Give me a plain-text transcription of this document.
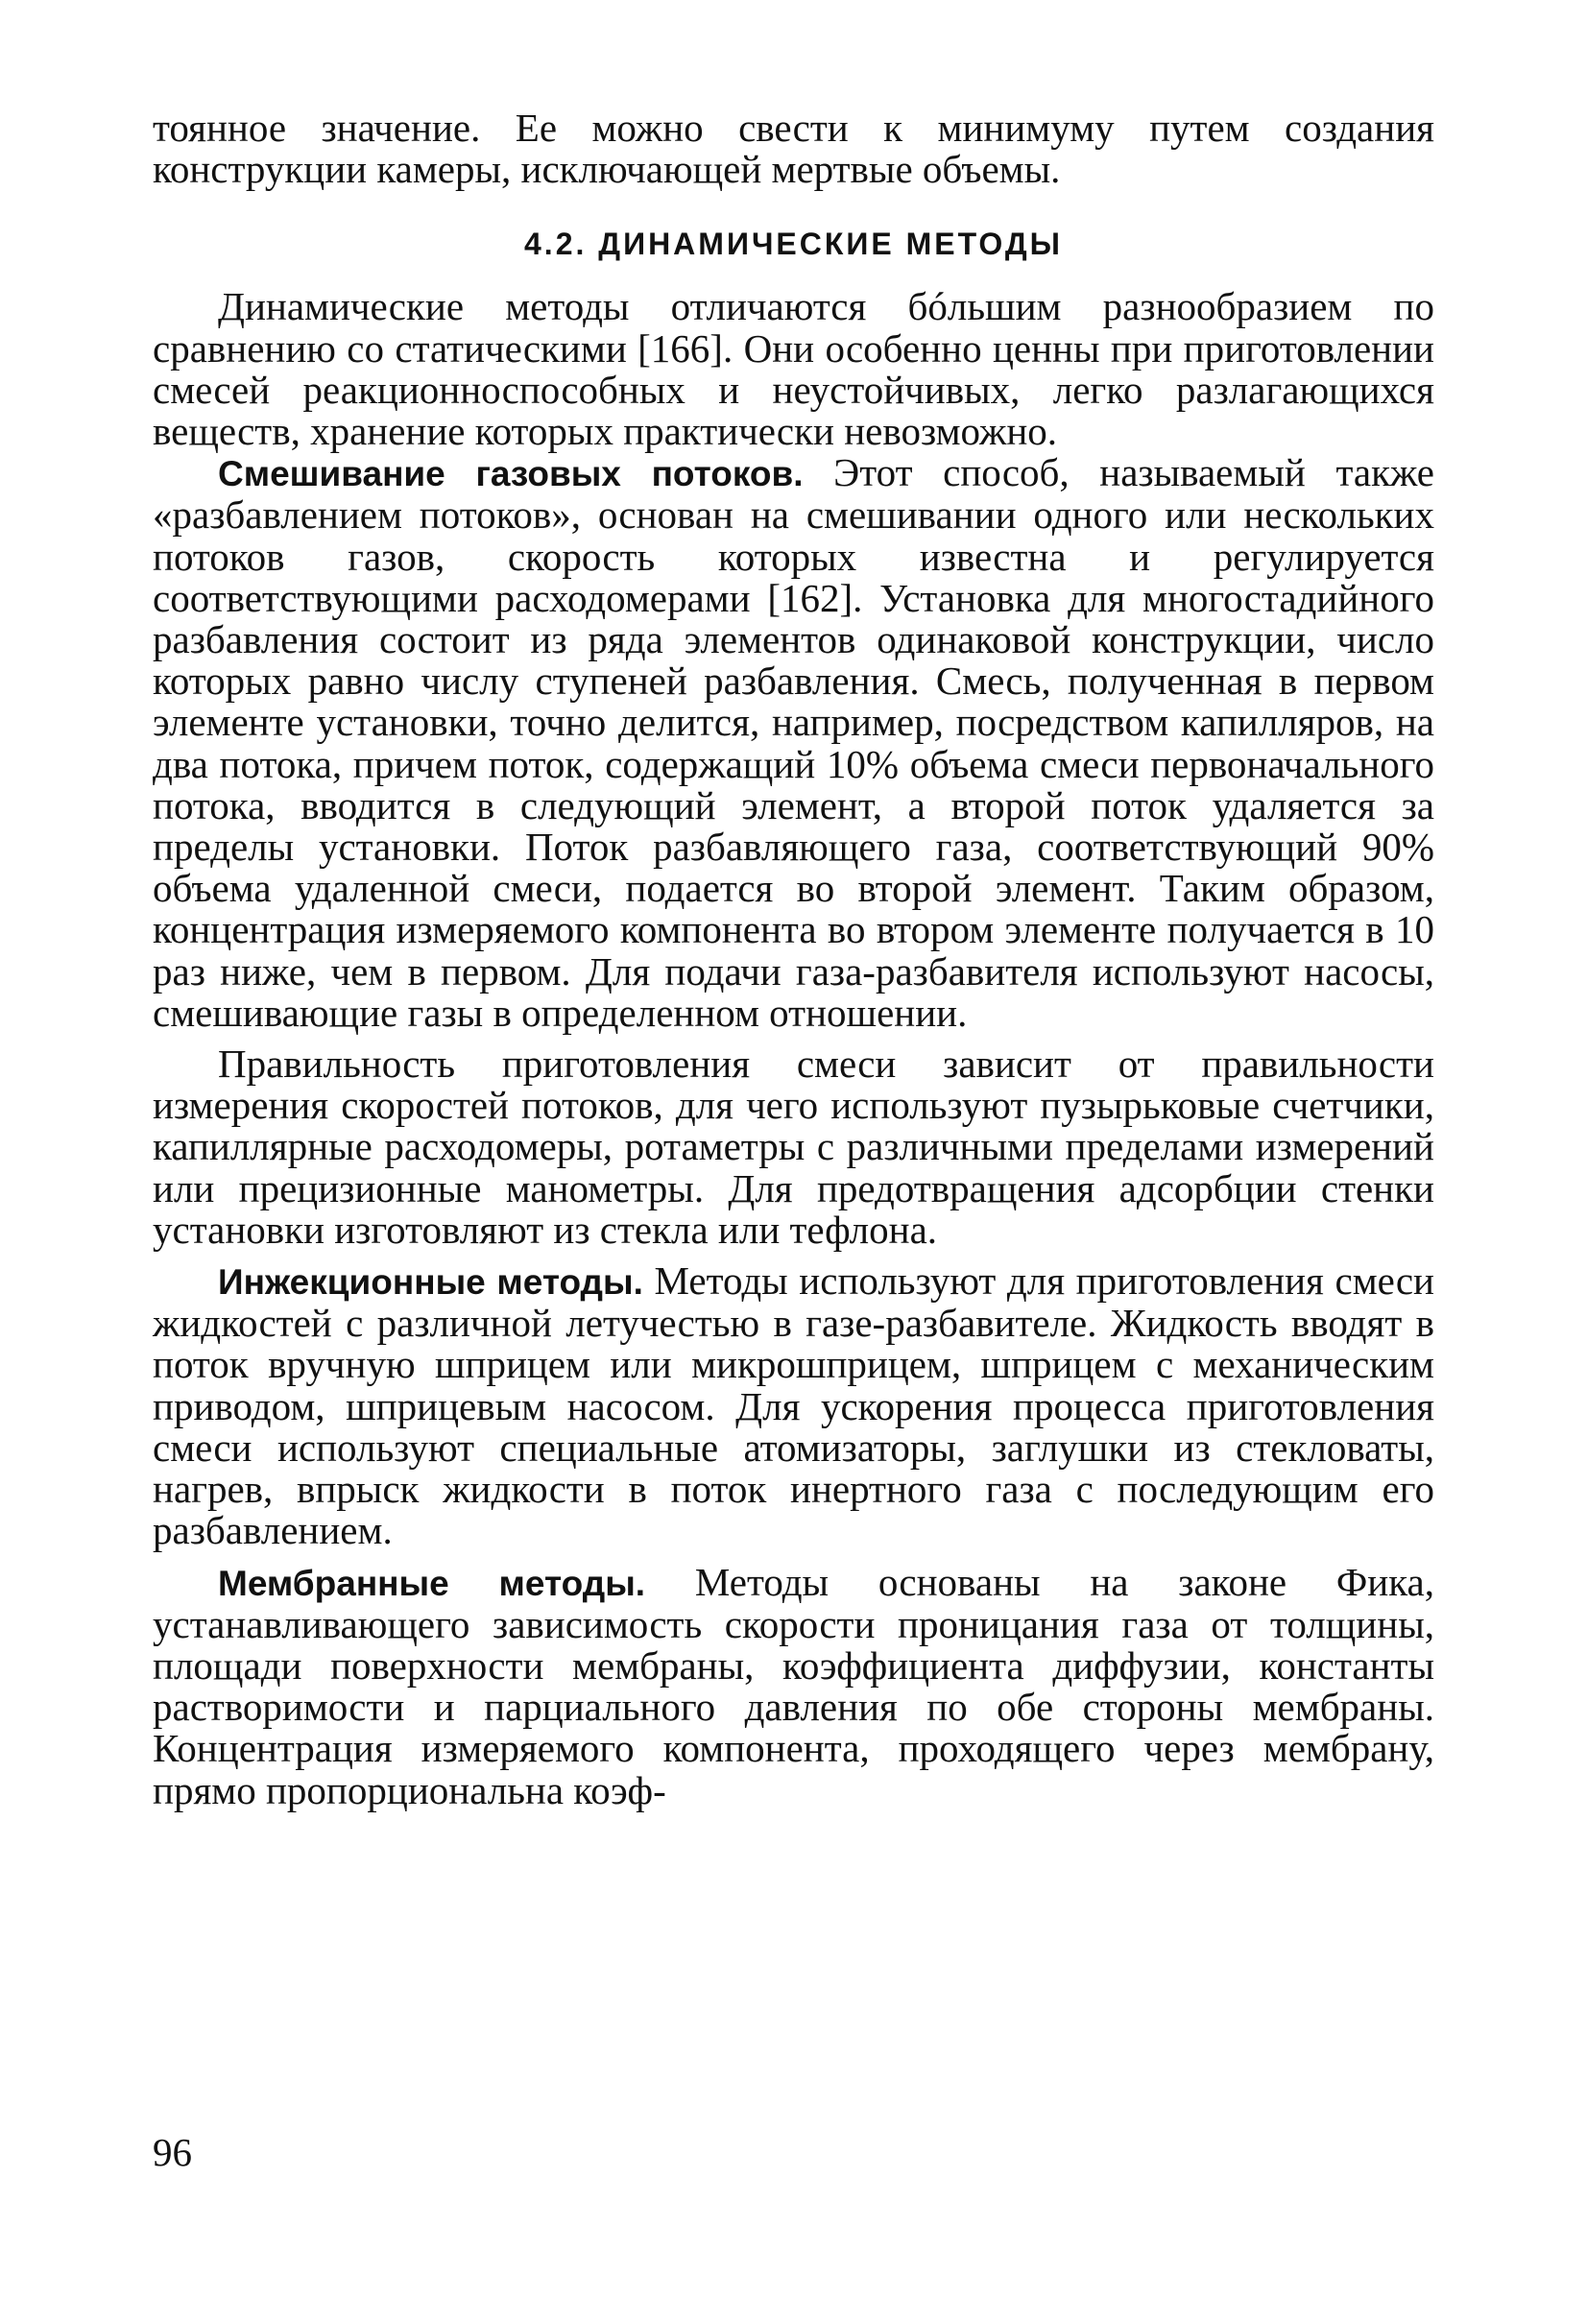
тоянное значение. Ее можно свести к минимуму путем создания конструкции камеры, исключающей мертвые объемы.

4.2. ДИНАМИЧЕСКИЕ МЕТОДЫ

Динамические методы отличаются бóльшим разнообразием по сравнению со статическими [166]. Они особенно ценны при приготовлении смесей реакционноспособных и неустойчивых, легко разлагающихся веществ, хранение которых практически невозможно.

Смешивание газовых потоков. Этот способ, называемый также «разбавлением потоков», основан на смешивании одного или нескольких потоков газов, скорость которых известна и регулируется соответствующими расходомерами [162]. Установка для многостадийного разбавления состоит из ряда элементов одинаковой конструкции, число которых равно числу ступеней разбавления. Смесь, полученная в первом элементе установки, точно делится, например, посредством капилляров, на два потока, причем поток, содержащий 10% объема смеси первоначального потока, вводится в следующий элемент, а второй поток удаляется за пределы установки. Поток разбавляющего газа, соответствующий 90% объема удаленной смеси, подается во второй элемент. Таким образом, концентрация измеряемого компонента во втором элементе получается в 10 раз ниже, чем в первом. Для подачи газа-разбавителя используют насосы, смешивающие газы в определенном отношении.

Правильность приготовления смеси зависит от правильности измерения скоростей потоков, для чего используют пузырьковые счетчики, капиллярные расходомеры, ротаметры с различными пределами измерений или прецизионные манометры. Для предотвращения адсорбции стенки установки изготовляют из стекла или тефлона.

Инжекционные методы. Методы используют для приготовления смеси жидкостей с различной летучестью в газе-разбавителе. Жидкость вводят в поток вручную шприцем или микрошприцем, шприцем с механическим приводом, шприцевым насосом. Для ускорения процесса приготовления смеси используют специальные атомизаторы, заглушки из стекловаты, нагрев, впрыск жидкости в поток инертного газа с последующим его разбавлением.

Мембранные методы. Методы основаны на законе Фика, устанавливающего зависимость скорости проницания газа от толщины, площади поверхности мембраны, коэффициента диффузии, константы растворимости и парциального давления по обе стороны мембраны. Концентрация измеряемого компонента, проходящего через мембрану, прямо пропорциональна коэф-

96
